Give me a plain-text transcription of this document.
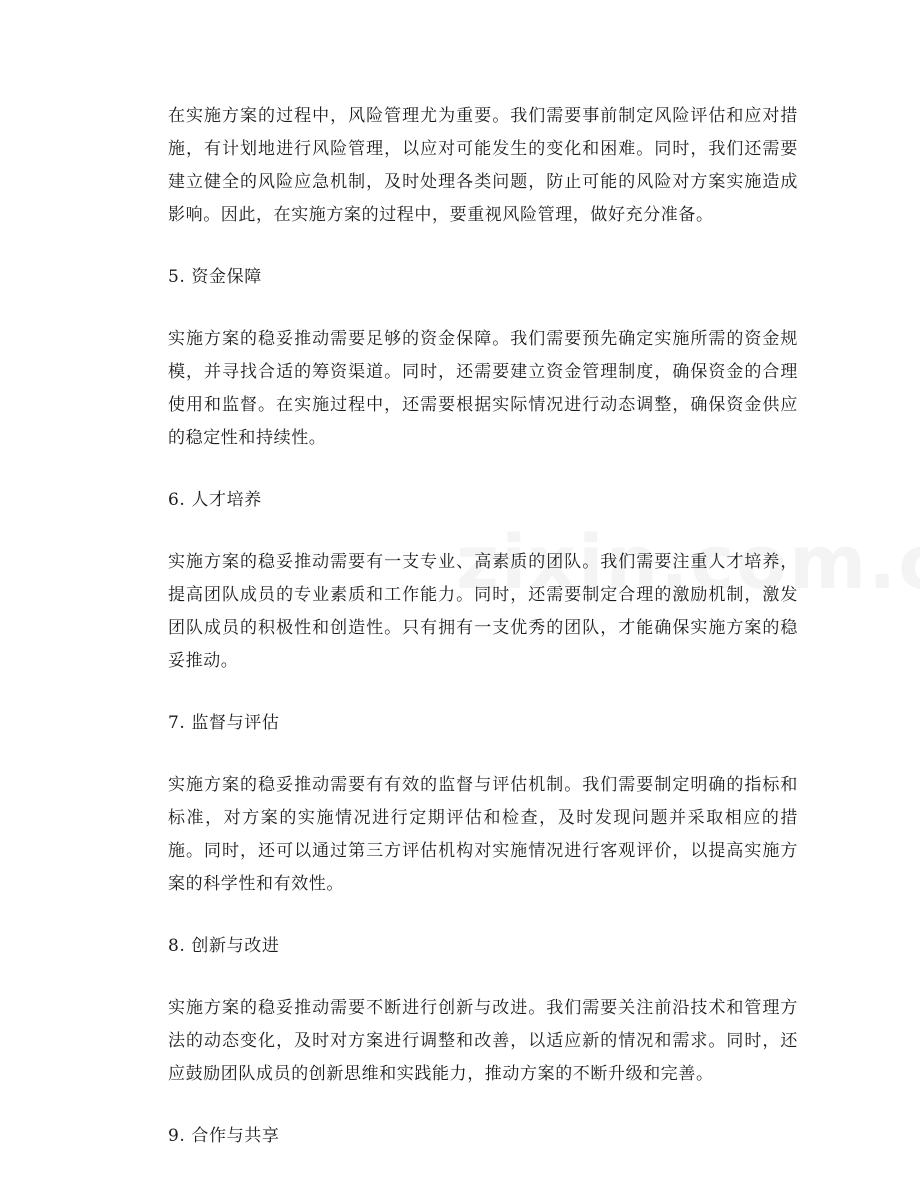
在实施方案的过程中，风险管理尤为重要。我们需要事前制定风险评估和应对措施，有计划地进行风险管理，以应对可能发生的变化和困难。同时，我们还需要建立健全的风险应急机制，及时处理各类问题，防止可能的风险对方案实施造成影响。因此，在实施方案的过程中，要重视风险管理，做好充分准备。

5. 资金保障

实施方案的稳妥推动需要足够的资金保障。我们需要预先确定实施所需的资金规模，并寻找合适的筹资渠道。同时，还需要建立资金管理制度，确保资金的合理使用和监督。在实施过程中，还需要根据实际情况进行动态调整，确保资金供应的稳定性和持续性。

6. 人才培养

实施方案的稳妥推动需要有一支专业、高素质的团队。我们需要注重人才培养，提高团队成员的专业素质和工作能力。同时，还需要制定合理的激励机制，激发团队成员的积极性和创造性。只有拥有一支优秀的团队，才能确保实施方案的稳妥推动。

7. 监督与评估

实施方案的稳妥推动需要有有效的监督与评估机制。我们需要制定明确的指标和标准，对方案的实施情况进行定期评估和检查，及时发现问题并采取相应的措施。同时，还可以通过第三方评估机构对实施情况进行客观评价，以提高实施方案的科学性和有效性。

8. 创新与改进

实施方案的稳妥推动需要不断进行创新与改进。我们需要关注前沿技术和管理方法的动态变化，及时对方案进行调整和改善，以适应新的情况和需求。同时，还应鼓励团队成员的创新思维和实践能力，推动方案的不断升级和完善。

9. 合作与共享
